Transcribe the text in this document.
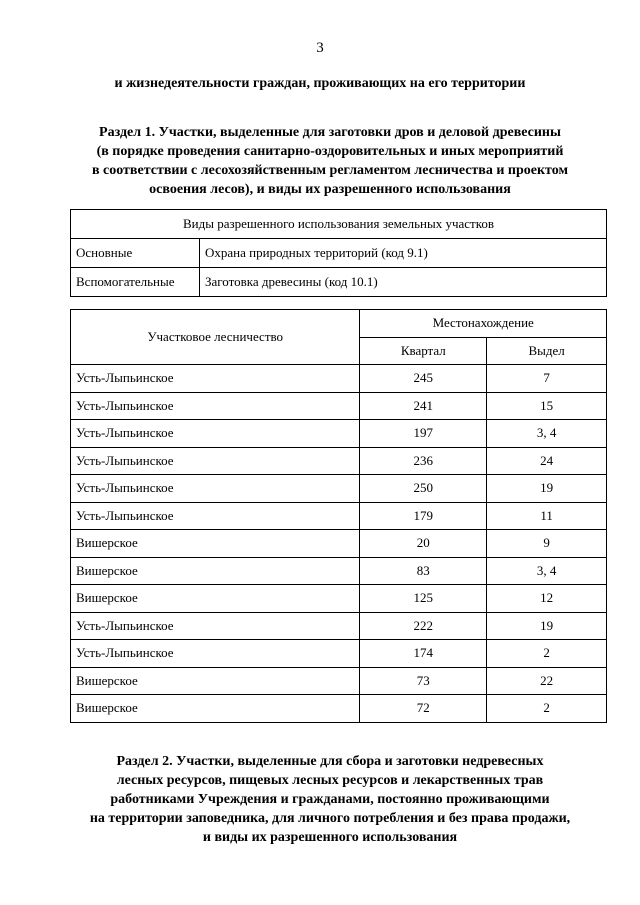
3
и жизнедеятельности граждан, проживающих на его территории
Раздел 1. Участки, выделенные для заготовки дров и деловой древесины
(в порядке проведения санитарно-оздоровительных и иных мероприятий
в соответствии с лесохозяйственным регламентом лесничества и проектом
освоения лесов), и виды их разрешенного использования
Виды разрешенного использования земельных участков	
Основные	Охрана природных территорий (код 9.1)
Вспомогательные	Заготовка древесины (код 10.1)
Участковое лесничество	Местонахождение	
	Квартал	Выдел
Усть-Лыпьинское	245	7
Усть-Лыпьинское	241	15
Усть-Лыпьинское	197	3, 4
Усть-Лыпьинское	236	24
Усть-Лыпьинское	250	19
Усть-Лыпьинское	179	11
Вишерское	20	9
Вишерское	83	3, 4
Вишерское	125	12
Усть-Лыпьинское	222	19
Усть-Лыпьинское	174	2
Вишерское	73	22
Вишерское	72	2
Раздел 2. Участки, выделенные для сбора и заготовки недревесных
лесных ресурсов, пищевых лесных ресурсов и лекарственных трав
работниками Учреждения и гражданами, постоянно проживающими
на территории заповедника, для личного потребления и без права продажи,
и виды их разрешенного использования
